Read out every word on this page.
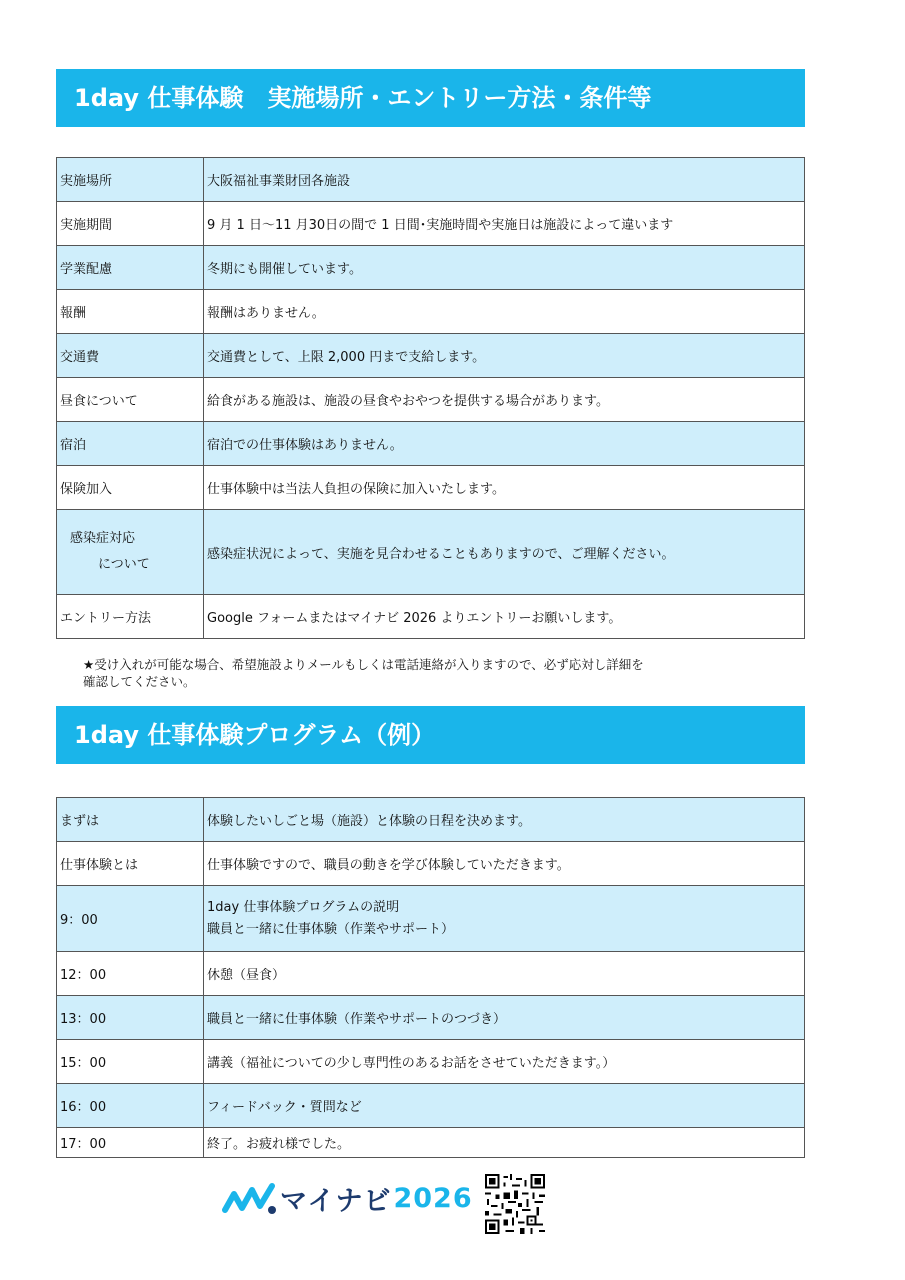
1day 仕事体験　実施場所・エントリー方法・条件等
実施場所	大阪福祉事業財団各施設
実施期間	9 月 1 日～11 月30日の間で 1 日間･実施時間や実施日は施設によって違います
学業配慮	冬期にも開催しています。
報酬	報酬はありません。
交通費	交通費として、上限 2,000 円まで支給します。
昼食について	給食がある施設は、施設の昼食やおやつを提供する場合があります。
宿泊	宿泊での仕事体験はありません。
保険加入	仕事体験中は当法人負担の保険に加入いたします。

感染症対応
について	感染症状況によって、実施を見合わせることもありますので、ご理解ください。
エントリー方法	Google フォームまたはマイナビ 2026 よりエントリーお願いします。
★受け入れが可能な場合、希望施設よりメールもしくは電話連絡が入りますので、必ず応対し詳細を
確認してください。
1day 仕事体験プログラム（例）
まずは	体験したいしごと場（施設）と体験の日程を決めます。
仕事体験とは	仕事体験ですので、職員の動きを学び体験していただきます。
9：00	1day 仕事体験プログラムの説明
職員と一緒に仕事体験（作業やサポート）

12：00	休憩（昼食）
13：00	職員と一緒に仕事体験（作業やサポートのつづき）
15：00	講義（福祉についての少し専門性のあるお話をさせていただきます。）
16：00	フィードバック・質問など
17：00	終了。お疲れ様でした。
マイナビ 2026
